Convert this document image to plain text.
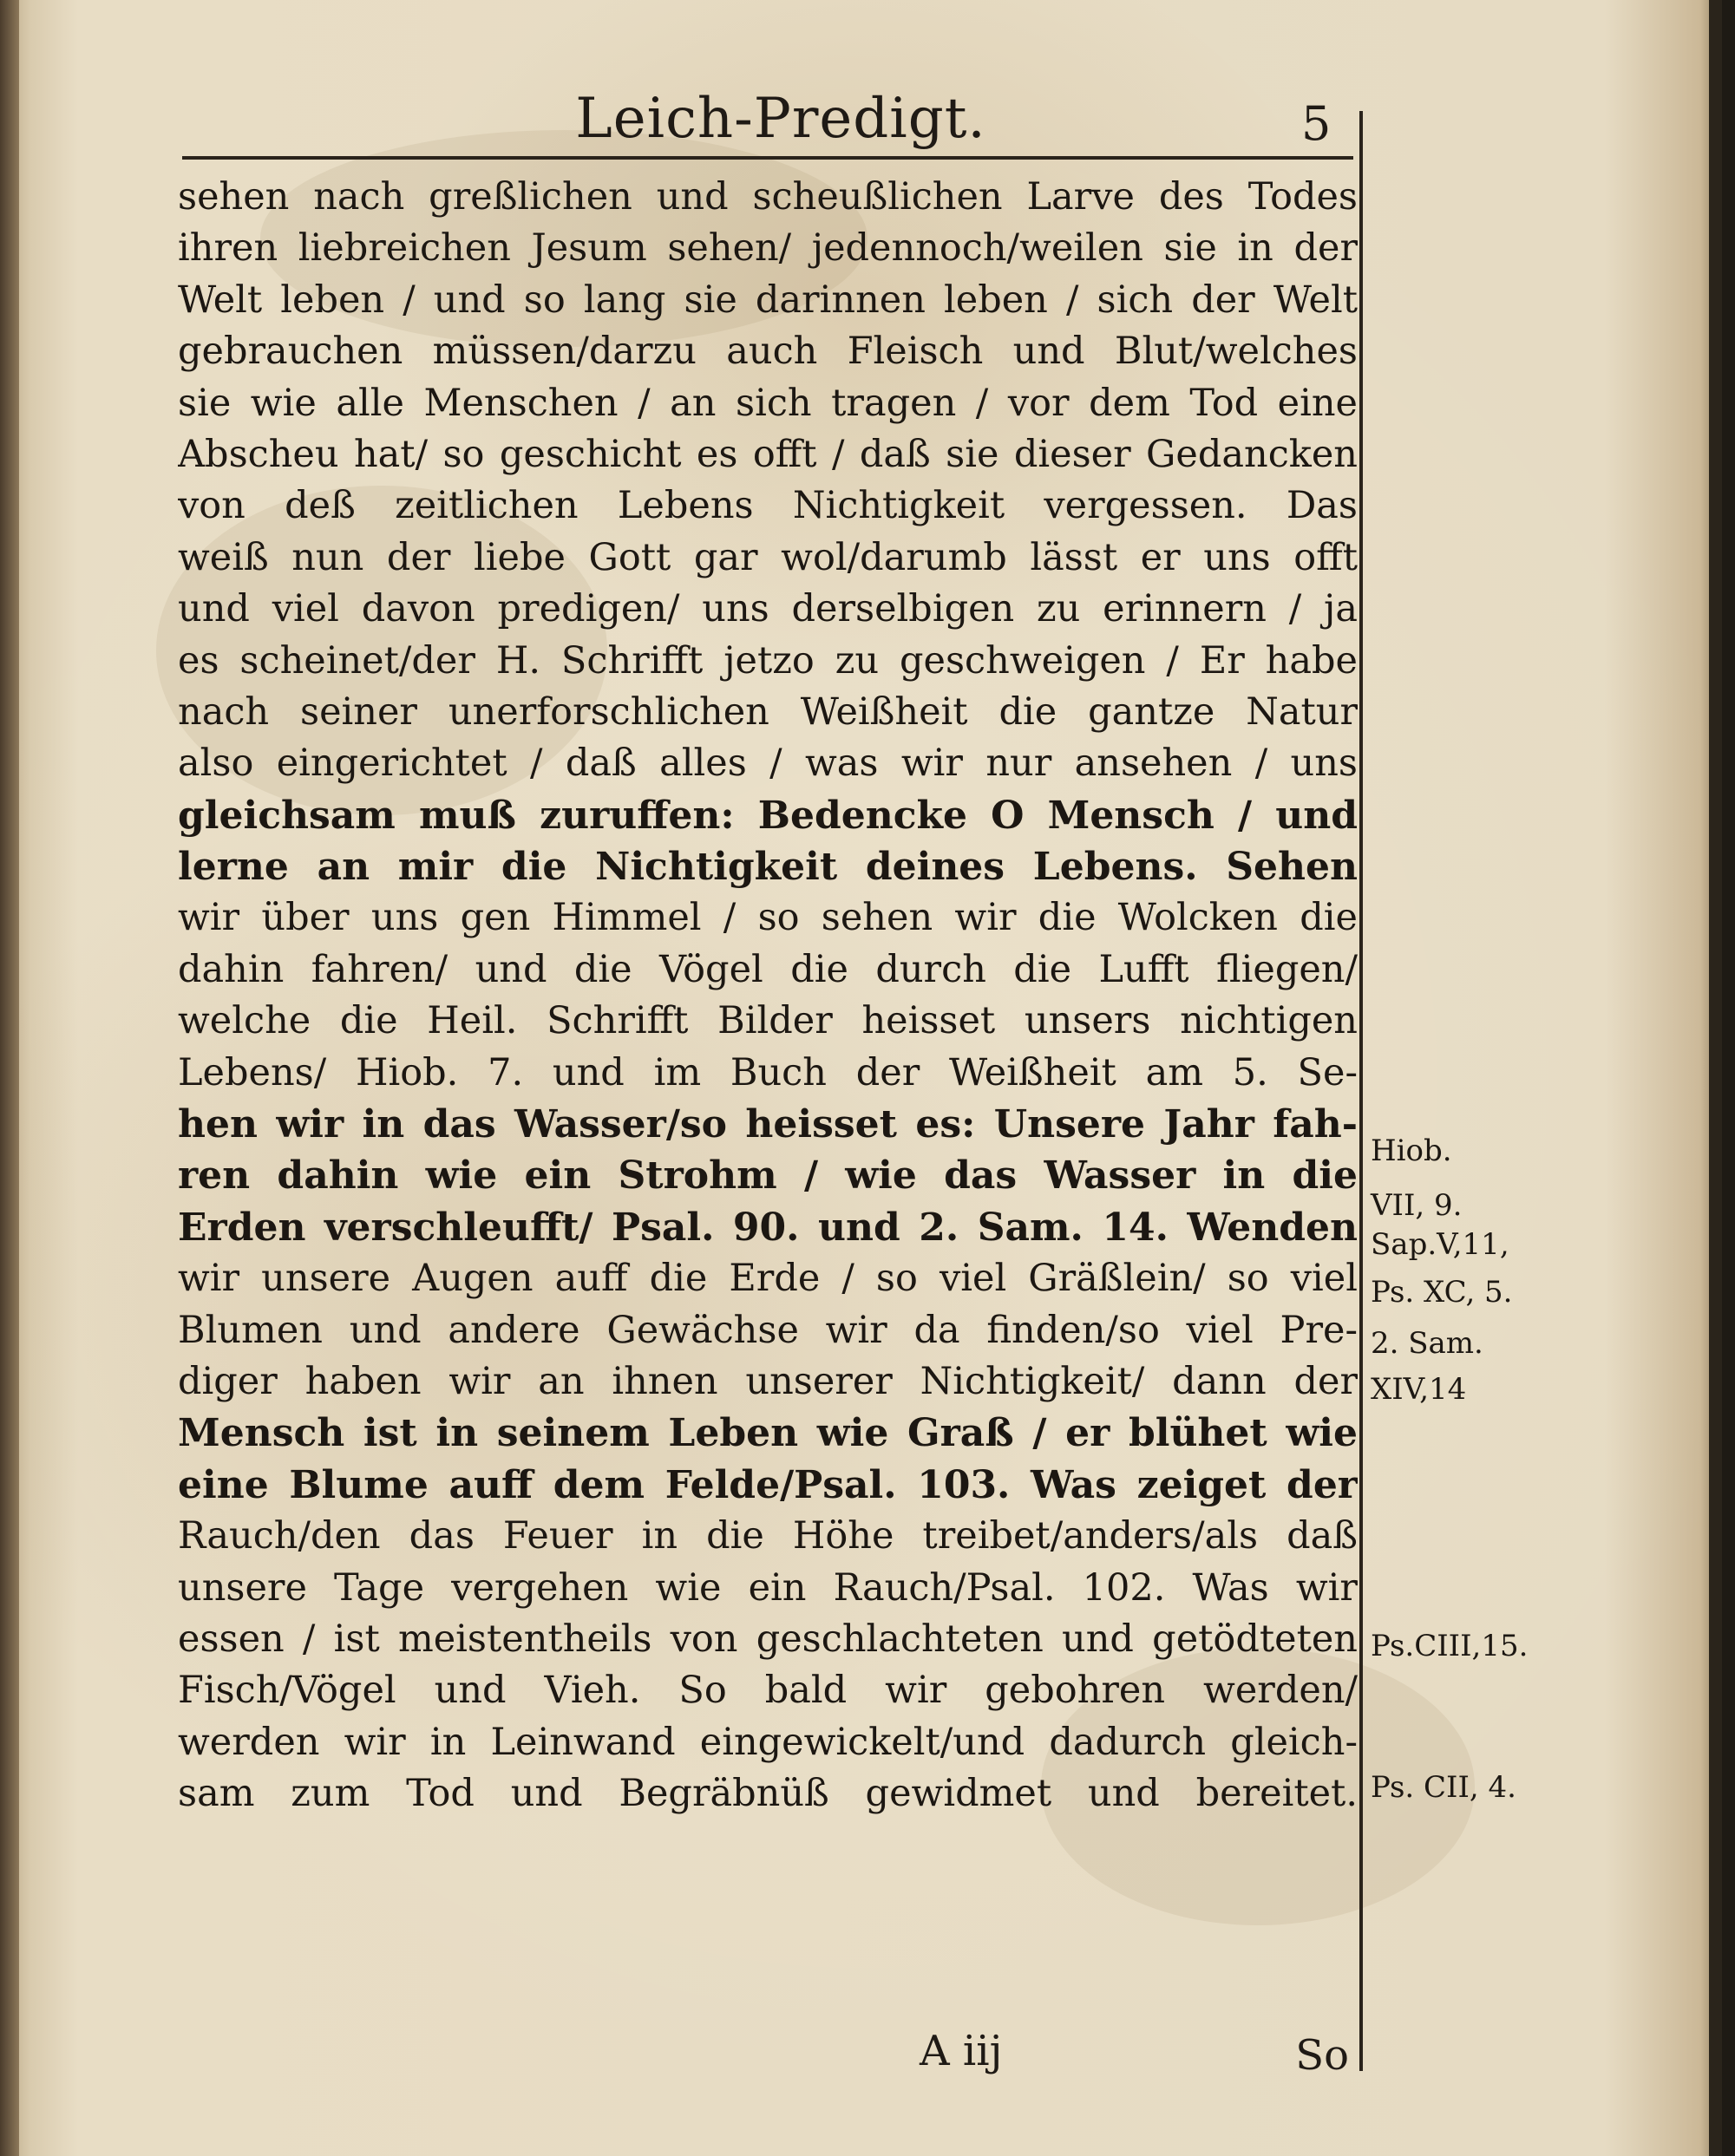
Leich-Predigt.	5
sehen nach greßlichen und scheußlichen Larve des Todes
ihren liebreichen Jesum sehen/ jedennoch/weilen sie in der
Welt leben / und so lang sie darinnen leben / sich der Welt
gebrauchen müssen/darzu auch Fleisch und Blut/welches
sie wie alle Menschen / an sich tragen / vor dem Tod eine
Abscheu hat/ so geschicht es offt / daß sie dieser Gedancken
von deß zeitlichen Lebens Nichtigkeit vergessen. Das
weiß nun der liebe Gott gar wol/darumb lässt er uns offt
und viel davon predigen/ uns derselbigen zu erinnern / ja
es scheinet/der H. Schrifft jetzo zu geschweigen / Er habe
nach seiner unerforschlichen Weißheit die gantze Natur
also eingerichtet / daß alles / was wir nur ansehen / uns
gleichsam muß zuruffen: Bedencke O Mensch / und
lerne an mir die Nichtigkeit deines Lebens. Sehen
wir über uns gen Himmel / so sehen wir die Wolcken die
dahin fahren/ und die Vögel die durch die Lufft fliegen/
welche die Heil. Schrifft Bilder heisset unsers nichtigen
Lebens/ Hiob. 7. und im Buch der Weißheit am 5. Se-
hen wir in das Wasser/so heisset es: Unsere Jahr fah-
ren dahin wie ein Strohm / wie das Wasser in die
Erden verschleufft/ Psal. 90. und 2. Sam. 14. Wenden
wir unsere Augen auff die Erde / so viel Gräßlein/ so viel
Blumen und andere Gewächse wir da finden/so viel Pre-
diger haben wir an ihnen unserer Nichtigkeit/ dann der
Mensch ist in seinem Leben wie Graß / er blühet wie
eine Blume auff dem Felde/Psal. 103. Was zeiget der
Rauch/den das Feuer in die Höhe treibet/anders/als daß
unsere Tage vergehen wie ein Rauch/Psal. 102. Was wir
essen / ist meistentheils von geschlachteten und getödteten
Fisch/Vögel und Vieh. So bald wir gebohren werden/
werden wir in Leinwand eingewickelt/und dadurch gleich-
sam zum Tod und Begräbnüß gewidmet und bereitet.
Hiob.
VII, 9.
Sap.V,11,
Ps. XC, 5.
2. Sam.
XIV,14
Ps.CIII,15.
Ps. CII, 4.
A iij	So
